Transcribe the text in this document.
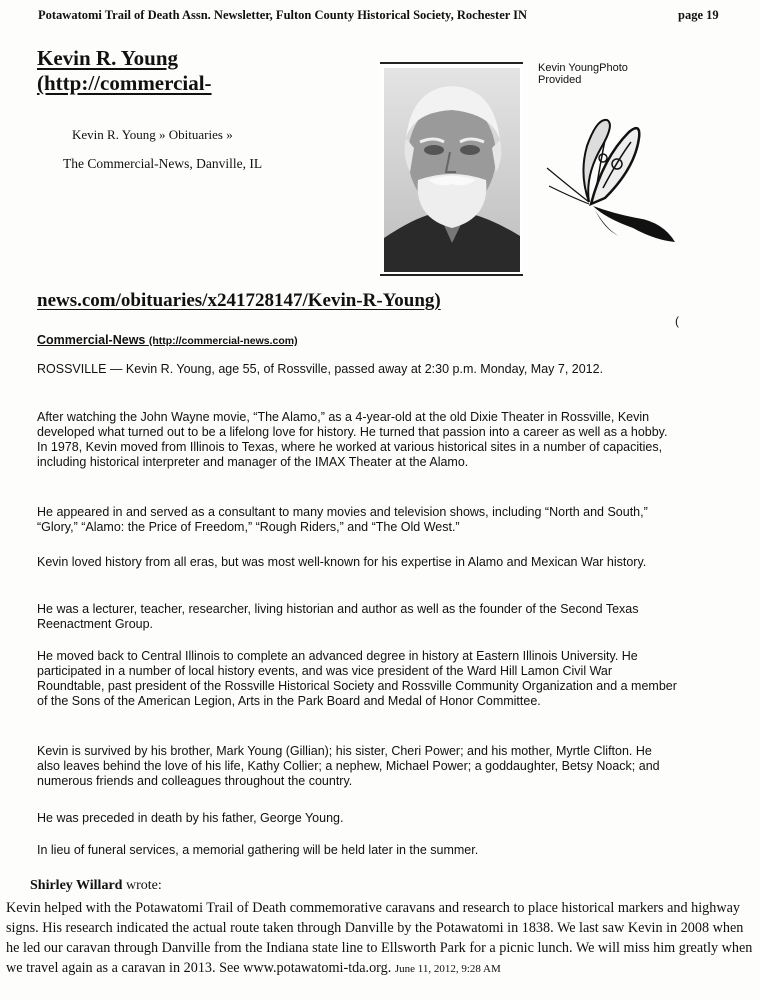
Potawatomi Trail of Death Assn. Newsletter, Fulton County Historical Society, Rochester IN	page 19
Kevin R. Young
(http://commercial-
Kevin R. Young » Obituaries »
The Commercial-News, Danville, IL
Kevin YoungPhoto
Provided
news.com/obituaries/x241728147/Kevin-R-Young)
(
Commercial-News (http://commercial-news.com)
ROSSVILLE — Kevin R. Young, age 55, of Rossville, passed away at 2:30 p.m. Monday, May 7, 2012.
After watching the John Wayne movie, “The Alamo,” as a 4-year-old at the old Dixie Theater in Rossville, Kevin developed what turned out to be a lifelong love for history. He turned that passion into a career as well as a hobby. In 1978, Kevin moved from Illinois to Texas, where he worked at various historical sites in a number of capacities, including historical interpreter and manager of the IMAX Theater at the Alamo.
He appeared in and served as a consultant to many movies and television shows, including “North and South,” “Glory,” “Alamo: the Price of Freedom,” “Rough Riders,” and “The Old West.”
Kevin loved history from all eras, but was most well-known for his expertise in Alamo and Mexican War history.
He was a lecturer, teacher, researcher, living historian and author as well as the founder of the Second Texas Reenactment Group.
He moved back to Central Illinois to complete an advanced degree in history at Eastern Illinois University. He participated in a number of local history events, and was vice president of the Ward Hill Lamon Civil War Roundtable, past president of the Rossville Historical Society and Rossville Community Organization and a member of the Sons of the American Legion, Arts in the Park Board and Medal of Honor Committee.
Kevin is survived by his brother, Mark Young (Gillian); his sister, Cheri Power; and his mother, Myrtle Clifton. He also leaves behind the love of his life, Kathy Collier; a nephew, Michael Power; a goddaughter, Betsy Noack; and numerous friends and colleagues throughout the country.
He was preceded in death by his father, George Young.
In lieu of funeral services, a memorial gathering will be held later in the summer.
Shirley Willard wrote:
Kevin helped with the Potawatomi Trail of Death commemorative caravans and research to place historical markers and highway signs. His research indicated the actual route taken through Danville by the Potawatomi in 1838. We last saw Kevin in 2008 when he led our caravan through Danville from the Indiana state line to Ellsworth Park for a picnic lunch. We will miss him greatly when we travel again as a caravan in 2013. See www.potawatomi-tda.org. June 11, 2012, 9:28 AM
